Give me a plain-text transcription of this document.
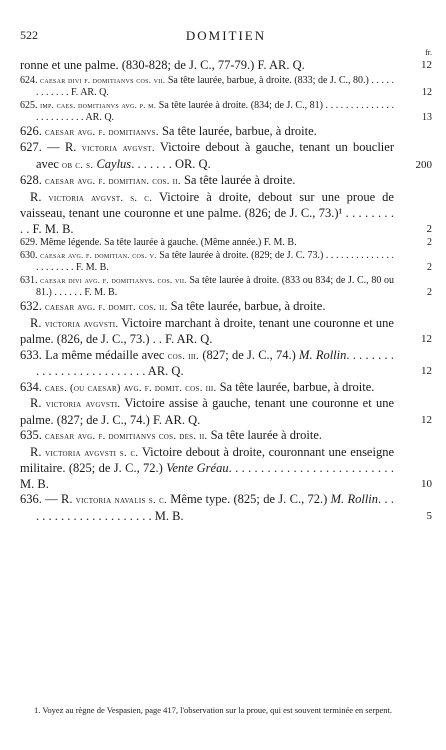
522	DOMITIEN
fr.

ronne et une palme. (830-828; de J. C., 77-79.) F. AR. Q.	12

624. caesar divi f. domitianvs cos. vii. Sa tête laurée, barbue, à droite. (833; de J. C., 80.) . . . . . . . . . . . . F. AR. Q.	12

625. imp. caes. domitianvs avg. p. m. Sa tête laurée à droite. (834; de J. C., 81) . . . . . . . . . . . . . . . . . . . . . . . . AR. Q.	13

626. caesar avg. f. domitianvs. Sa tête laurée, barbue, à droite.

627. — R. victoria avgvst. Victoire debout à gauche, tenant un bouclier avec ob c. s. Caylus. . . . . . . OR. Q.	200

628. caesar avg. f. domitian. cos. ii. Sa tête laurée à droite.

R. victoria avgvst. s. c. Victoire à droite, debout sur une proue de vaisseau, tenant une couronne et une palme. (826; de J. C., 73.)¹ . . . . . . . . . . F. M. B.	2

629. Même légende. Sa tête laurée à gauche. (Même année.) F. M. B.	2

630. caesar avg. f. domitian. cos. v. Sa tête laurée à droite. (829; de J. C. 73.) . . . . . . . . . . . . . . . . . . . . . . F. M. B.	2

631. caesar divi avg. f. domitianvs. cos. vii. Sa tête laurée à droite. (833 ou 834; de J. C., 80 ou 81.) . . . . . . F. M. B.	2

632. caesar avg. f. domit. cos. ii. Sa tête laurée, barbue, à droite.

R. victoria avgvsti. Victoire marchant à droite, tenant une couronne et une palme. (826, de J. C., 73.) . . F. AR. Q.	12

633. La même médaille avec cos. iii. (827; de J. C., 74.) M. Rollin. . . . . . . . . . . . . . . . . . . . . . . . . . AR. Q.	12

634. caes. (ou caesar) avg. f. domit. cos. iii. Sa tête laurée, barbue, à droite.

R. victoria avgvsti. Victoire assise à gauche, tenant une couronne et une palme. (827; de J. C., 74.) F. AR. Q.	12

635. caesar avg. f. domitianvs cos. des. ii. Sa tête laurée à droite.

R. victoria avgvsti s. c. Victoire debout à droite, couronnant une enseigne militaire. (825; de J. C., 72.) Vente Gréau. . . . . . . . . . . . . . . . . . . . . . . . . . M. B.	10

636. — R. victoria navalis s. c. Même type. (825; de J. C., 72.) M. Rollin. . . . . . . . . . . . . . . . . . . . . . M. B.	5

1. Voyez au règne de Vespasien, page 417, l'observation sur la proue, qui est souvent terminée en serpent.
